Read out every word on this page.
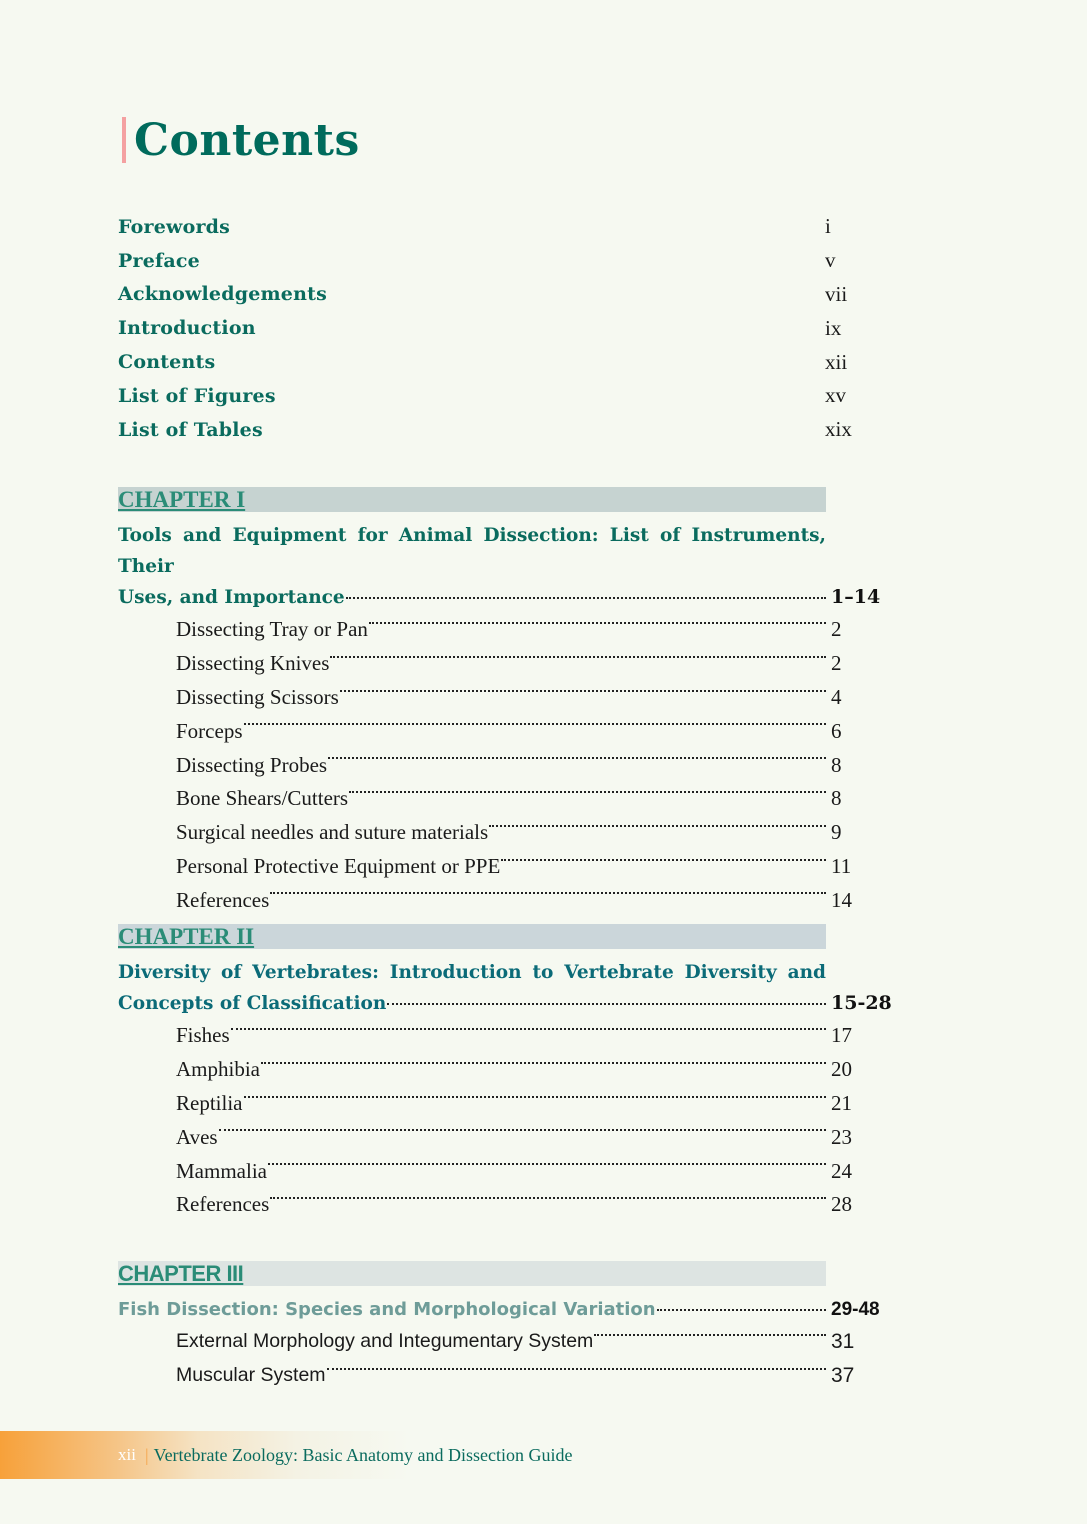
Contents
Forewords	i
Preface	v
Acknowledgements	vii
Introduction	ix
Contents	xii
List of Figures	xv
List of Tables	xix
CHAPTER I
Tools and Equipment for Animal Dissection: List of Instruments, Their
Uses, and Importance	1–14
Dissecting Tray or Pan	2
Dissecting Knives	2
Dissecting Scissors	4
Forceps	6
Dissecting Probes	8
Bone Shears/Cutters	8
Surgical needles and suture materials	9
Personal Protective Equipment or PPE	11
References	14
CHAPTER II
Diversity of Vertebrates: Introduction to Vertebrate Diversity and
Concepts of Classification	15-28
Fishes	17
Amphibia	20
Reptilia	21
Aves	23
Mammalia	24
References	28
CHAPTER III
Fish Dissection: Species and Morphological Variation	29-48
External Morphology and Integumentary System	31
Muscular System	37
xii | Vertebrate Zoology: Basic Anatomy and Dissection Guide
